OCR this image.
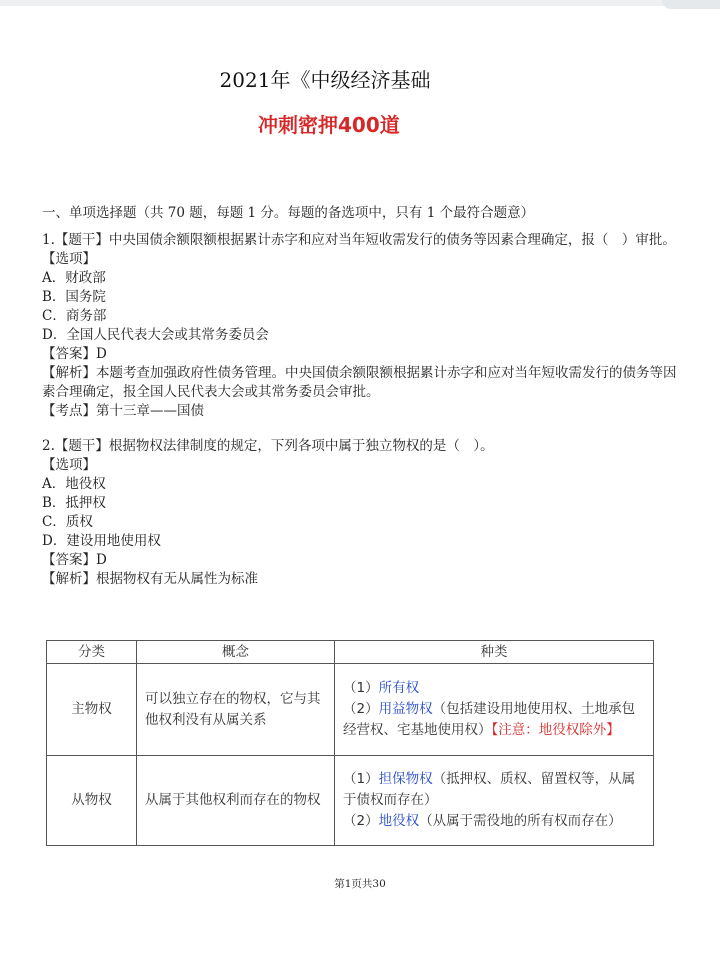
2021年《中级经济基础
冲刺密押400道

一、单项选择题（共 70 题，每题 1 分。每题的备选项中，只有 1 个最符合题意）

1.【题干】中央国债余额限额根据累计赤字和应对当年短收需发行的债务等因素合理确定，报（　）审批。

【选项】

A．财政部

B．国务院

C．商务部

D．全国人民代表大会或其常务委员会

【答案】D

【解析】本题考查加强政府性债务管理。中央国债余额限额根据累计赤字和应对当年短收需发行的债务等因素合理确定，报全国人民代表大会或其常务委员会审批。

【考点】第十三章——国债

2.【题干】根据物权法律制度的规定，下列各项中属于独立物权的是（　）。

【选项】

A．地役权

B．抵押权

C．质权

D．建设用地使用权

【答案】D

【解析】根据物权有无从属性为标准

分类	概念	种类
主物权	可以独立存在的物权，它与其他权利没有从属关系	（1）所有权
（2）用益物权（包括建设用地使用权、土地承包经营权、宅基地使用权）【注意：地役权除外】

从物权	从属于其他权利而存在的物权	（1）担保物权（抵押权、质权、留置权等，从属于债权而存在）
（2）地役权（从属于需役地的所有权而存在）
第1页共30
